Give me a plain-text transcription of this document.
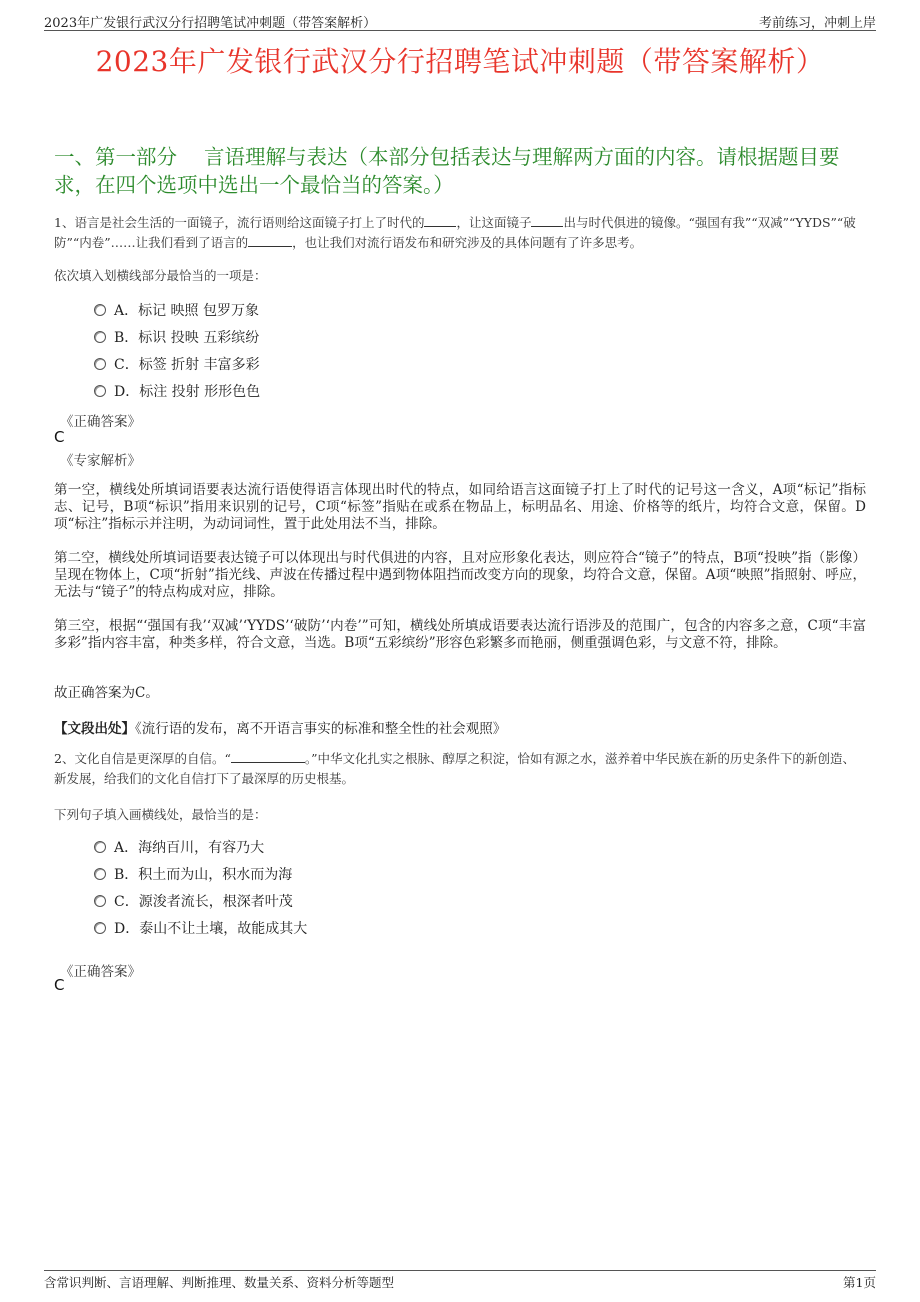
2023年广发银行武汉分行招聘笔试冲刺题（带答案解析）	考前练习，冲刺上岸
2023年广发银行武汉分行招聘笔试冲刺题（带答案解析）
一、第一部分　 言语理解与表达（本部分包括表达与理解两方面的内容。请根据题目要求，在四个选项中选出一个最恰当的答案。）
1、语言是社会生活的一面镜子，流行语则给这面镜子打上了时代的	，让这面镜子	出与时代俱进的镜像。“强国有我”“双减”“YYDS”“破防”“内卷”……让我们看到了语言的	，也让我们对流行语发布和研究涉及的具体问题有了许多思考。
依次填入划横线部分最恰当的一项是：
A．标记 映照 包罗万象
B．标识 投映 五彩缤纷
C．标签 折射 丰富多彩
D．标注 投射 形形色色
《正确答案》
C
《专家解析》
第一空，横线处所填词语要表达流行语使得语言体现出时代的特点，如同给语言这面镜子打上了时代的记号这一含义，A项“标记”指标志、记号，B项“标识”指用来识别的记号，C项“标签”指贴在或系在物品上，标明品名、用途、价格等的纸片，均符合文意，保留。D项“标注”指标示并注明，为动词词性，置于此处用法不当，排除。
第二空，横线处所填词语要表达镜子可以体现出与时代俱进的内容，且对应形象化表达，则应符合“镜子”的特点，B项“投映”指（影像）呈现在物体上，C项“折射”指光线、声波在传播过程中遇到物体阻挡而改变方向的现象，均符合文意，保留。A项“映照”指照射、呼应，无法与“镜子”的特点构成对应，排除。
第三空，根据“‘强国有我’‘双减’‘YYDS’‘破防’‘内卷’”可知，横线处所填成语要表达流行语涉及的范围广，包含的内容多之意，C项“丰富多彩”指内容丰富，种类多样，符合文意，当选。B项“五彩缤纷”形容色彩繁多而艳丽，侧重强调色彩，与文意不符，排除。
故正确答案为C。
【文段出处】《流行语的发布，离不开语言事实的标准和整全性的社会观照》
2、文化自信是更深厚的自信。“	。”中华文化扎实之根脉、醇厚之积淀，恰如有源之水，滋养着中华民族在新的历史条件下的新创造、新发展，给我们的文化自信打下了最深厚的历史根基。
下列句子填入画横线处，最恰当的是：
A．海纳百川，有容乃大
B．积土而为山，积水而为海
C．源浚者流长，根深者叶茂
D．泰山不让土壤，故能成其大
《正确答案》
C
含常识判断、言语理解、判断推理、数量关系、资料分析等题型	第1页
